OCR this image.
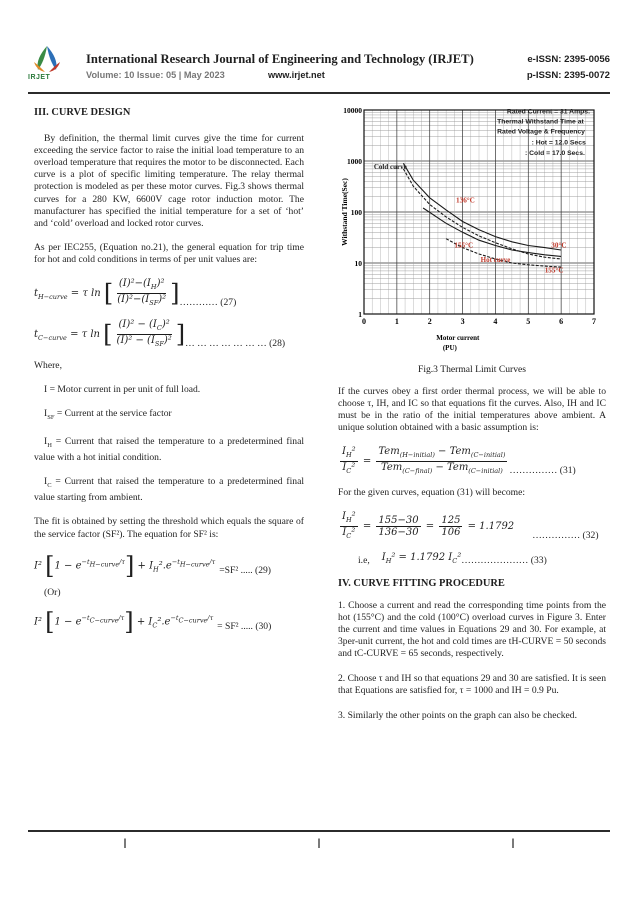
IRJET
International Research Journal of Engineering and Technology (IRJET)	e-ISSN: 2395-0056
Volume: 10 Issue: 05 | May 2023	www.irjet.net	p-ISSN: 2395-0072
III. CURVE DESIGN
By definition, the thermal limit curves give the time for current exceeding the service factor to raise the initial load temperature to an overload temperature that requires the motor to be disconnected. Each curve is a plot of specific limiting temperature. The relay thermal protection is modeled as per these motor curves. Fig.3 shows thermal curves for a 280 KW, 6600V cage rotor induction motor. The manufacturer has specified the initial temperature for a set of ‘hot’ and ‘cold’ overload and locked rotor curves.
As per IEC255, (Equation no.21), the general equation for trip time for hot and cold conditions in terms of per unit values are:
$t_{H-curve} = \tau$ ln [ $\frac{(I)^2-(I_H)^2}{(I)^2-(I_{SF})^2}$ ] ………… (27)
$t_{C-curve} = \tau$ ln [ $\frac{(I)^2 - (I_C)^2}{(I)^2 - (I_{SF})^2}$ ] … … … … … … … (28)
Where,
I = Motor current in per unit of full load.
$I_{SF}$ = Current at the service factor
$I_H$ = Current that raised the temperature to a predetermined final value with a hot initial condition.
$I_C$ = Current that raised the temperature to a predetermined final value starting from ambient.
The fit is obtained by setting the threshold which equals the square of the service factor (SF²). The equation for SF² is:
I² $[1 - e^{-t_{H-curve}/\tau}] + I_H^2.e^{-t_{H-curve}/\tau}$
=SF² ..... (29)
(Or)
I² $[1 - e^{-t_{C-curve}/\tau}] + I_C^2.e^{-t_{C-curve}/\tau}$
= SF² ..... (30)
1
10
100
1000
10000
0	1	2	3	4	5	6	7
Withstand Time(Sec)
Motor current
(PU)
Rated Current = 31 Amps.
Thermal Withstand Time at
Rated Voltage & Frequency
: Hot = 12.0 Secs
: Cold = 17.0 Secs.
Cold curve
Hot curve
136°C
155°C	30°C
155°C
Fig.3 Thermal Limit Curves
If the curves obey a first order thermal process, we will be able to choose τ, IH, and IC so that equations fit the curves. Also, IH and IC must be in the ratio of the initial temperatures above ambient. A unique solution obtained with a basic assumption is:
$\frac{I_H^2}{I_C^2} = \frac{Tem_{(H-initial)} - Tem_{(C-initial)}}{Tem_{(C-final)} - Tem_{(C-initial)}}$ …………… (31)
For the given curves, equation (31) will become:
$\frac{I_H^2}{I_C^2} = \frac{155-30}{136-30} = \frac{125}{106} = 1.1792$
…………… (32)
i.e, $I_H^2 = 1.1792$ $I_C^2$ ………………… (33)
IV. CURVE FITTING PROCEDURE
1. Choose a current and read the corresponding time points from the hot (155°C) and the cold (100°C) overload curves in Figure 3. Enter the current and time values in Equations 29 and 30. For example, at 3per-unit current, the hot and cold times are tH-CURVE = 50 seconds and tC-CURVE = 65 seconds, respectively.
2. Choose τ and IH so that equations 29 and 30 are satisfied. It is seen that Equations are satisfied for, τ = 1000 and IH = 0.9 Pu.
3. Similarly the other points on the graph can also be checked.
|	|	|
